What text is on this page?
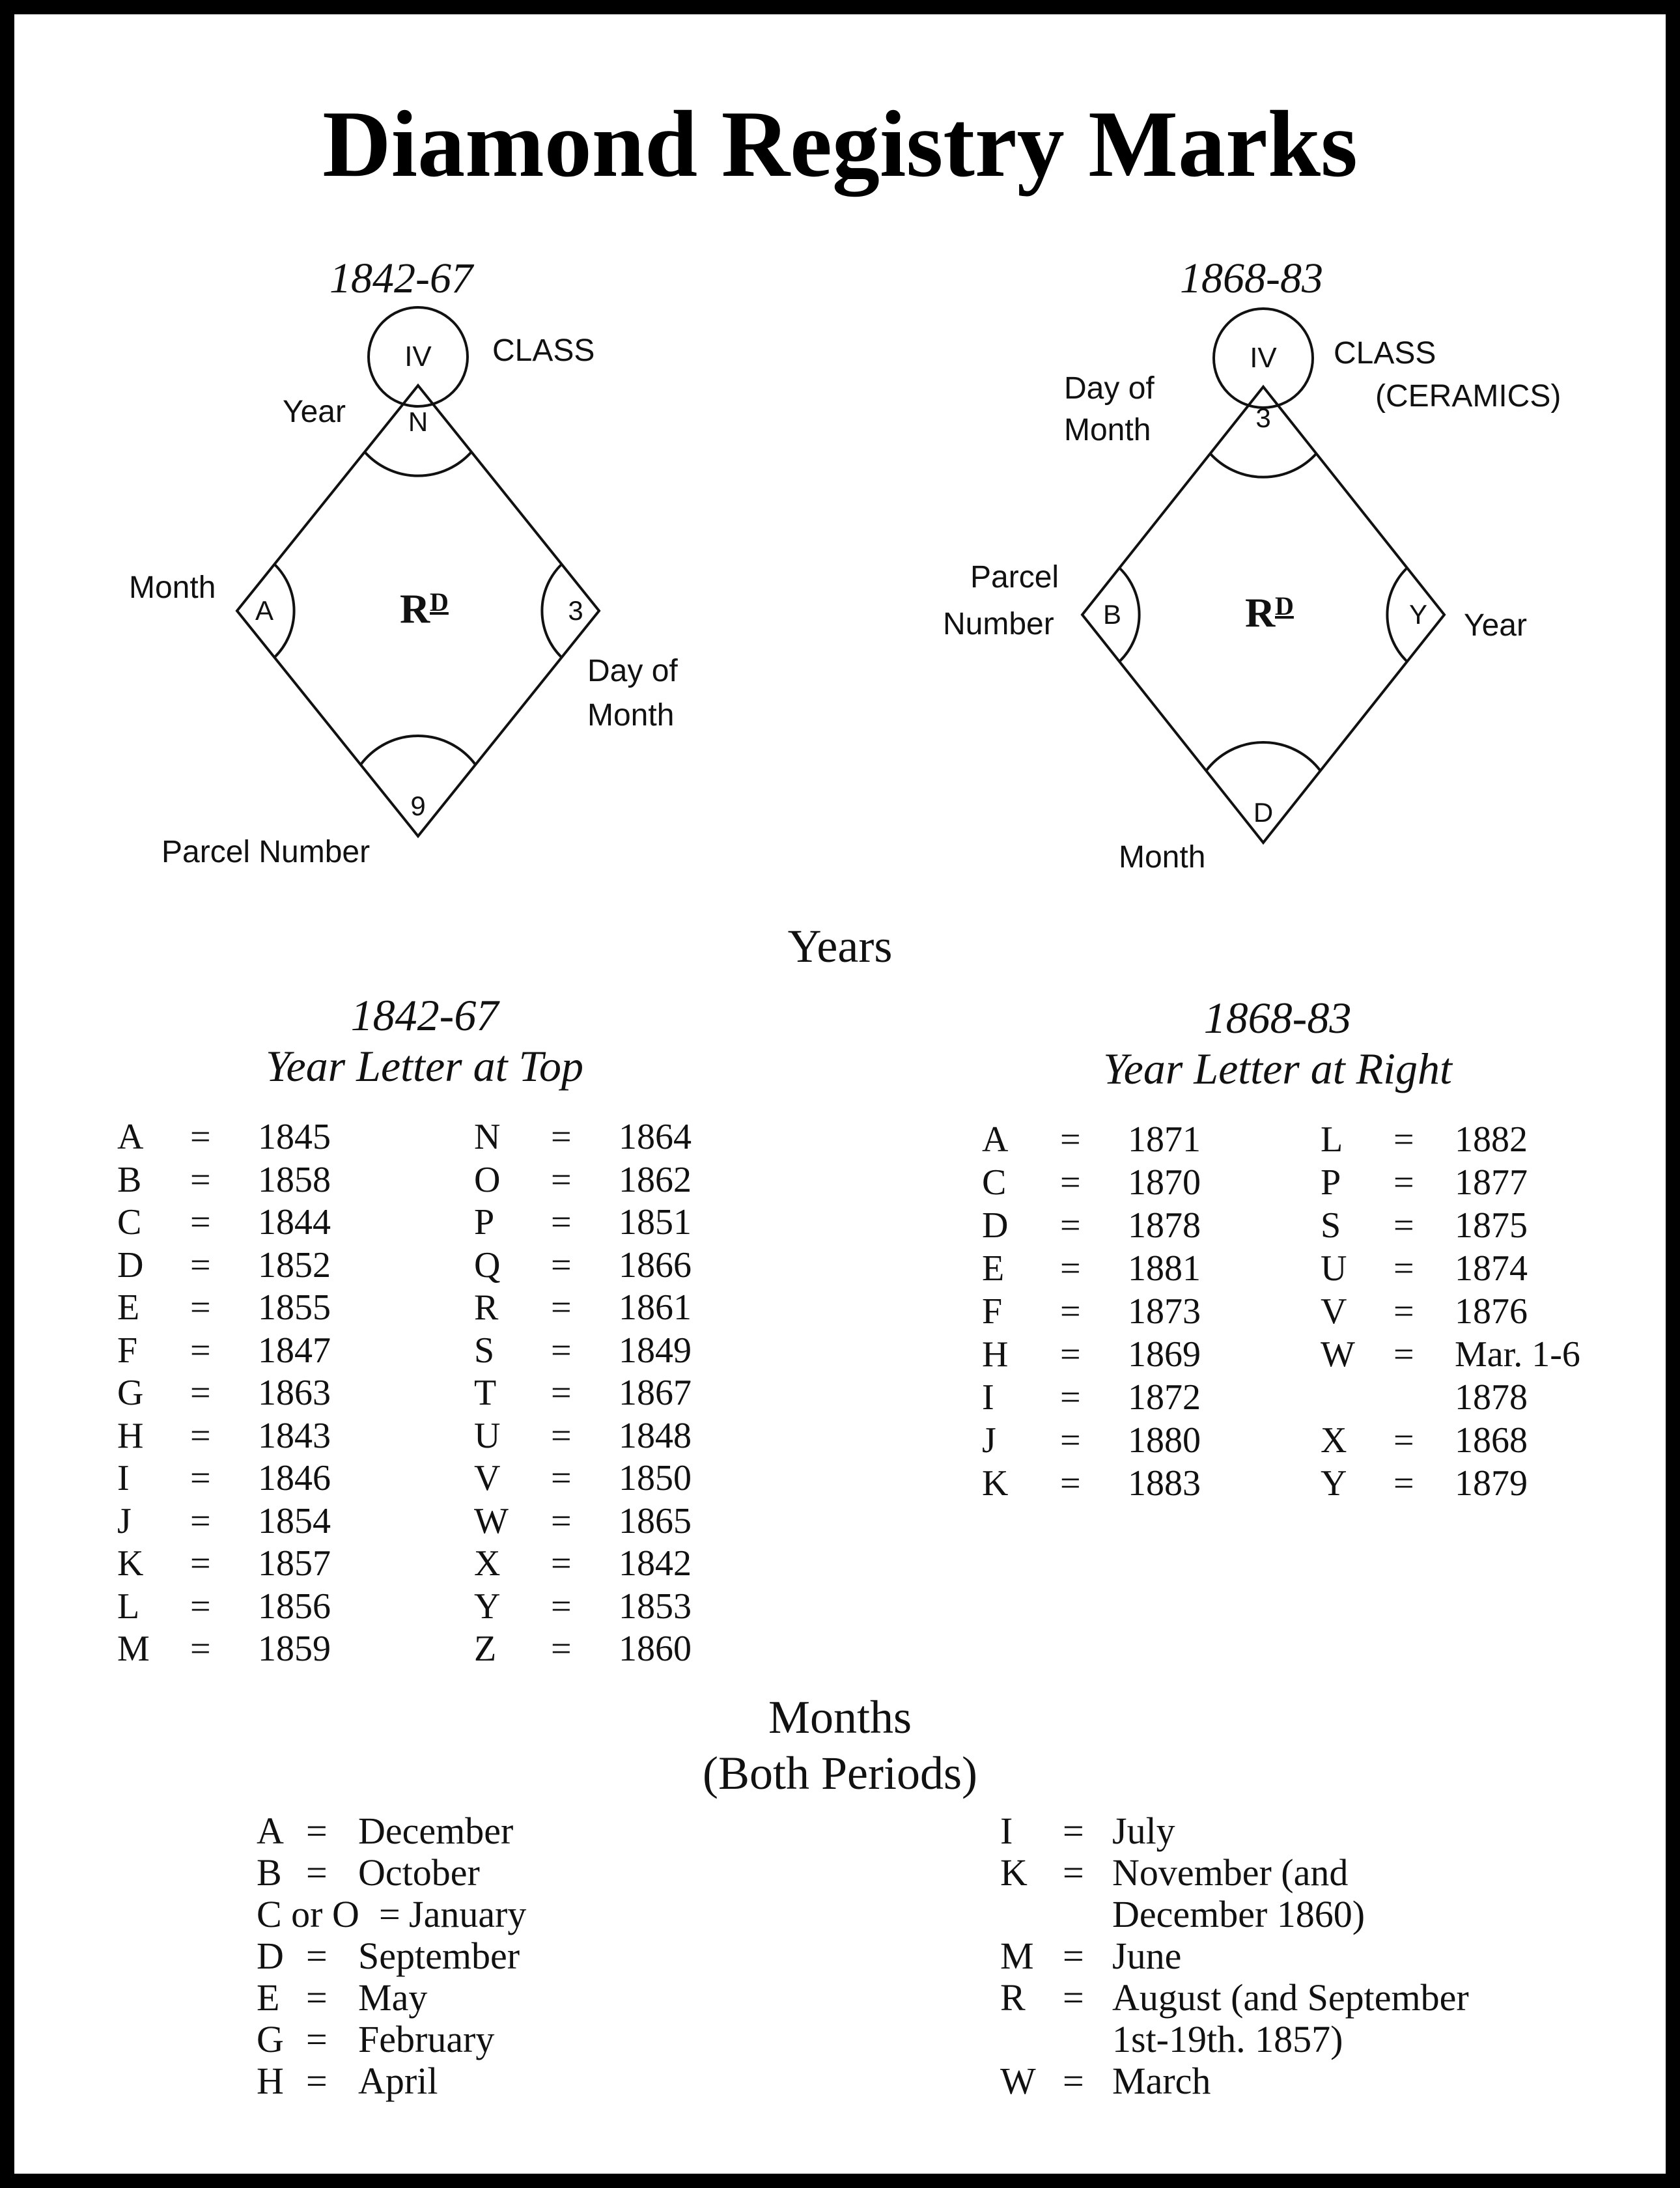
Diamond Registry Marks
1842-67
IV CLASS
N
A	3
9
R D
Year
Month
Day of
Month
Parcel Number
1868-83
IV CLASS
(CERAMICS)
3
B	Y
D
R D
Day of
Month
Parcel
Number	Year
Month
Years
1842-67
Year Letter at Top
1868-83
Year Letter at Right
A = 1845
B = 1858
C = 1844
D = 1852
E = 1855
F = 1847
G = 1863
H = 1843
I = 1846
J = 1854
K = 1857
L = 1856
M = 1859
N = 1864
O = 1862
P = 1851
Q = 1866
R = 1861
S = 1849
T = 1867
U = 1848
V = 1850
W = 1865
X = 1842
Y = 1853
Z = 1860
A = 1871
C = 1870
D = 1878
E = 1881
F = 1873
H = 1869
I = 1872
J = 1880
K = 1883
L = 1882
P = 1877
S = 1875
U = 1874
V = 1876
W = Mar. 1-6
1878
X = 1868
Y = 1879
Months
(Both Periods)
A = December
B = October
C or O = January
D = September
E = May
G = February
H = April
I = July
K = November (and
December 1860)
M = June
R = August (and September
1st-19th. 1857)
W = March
